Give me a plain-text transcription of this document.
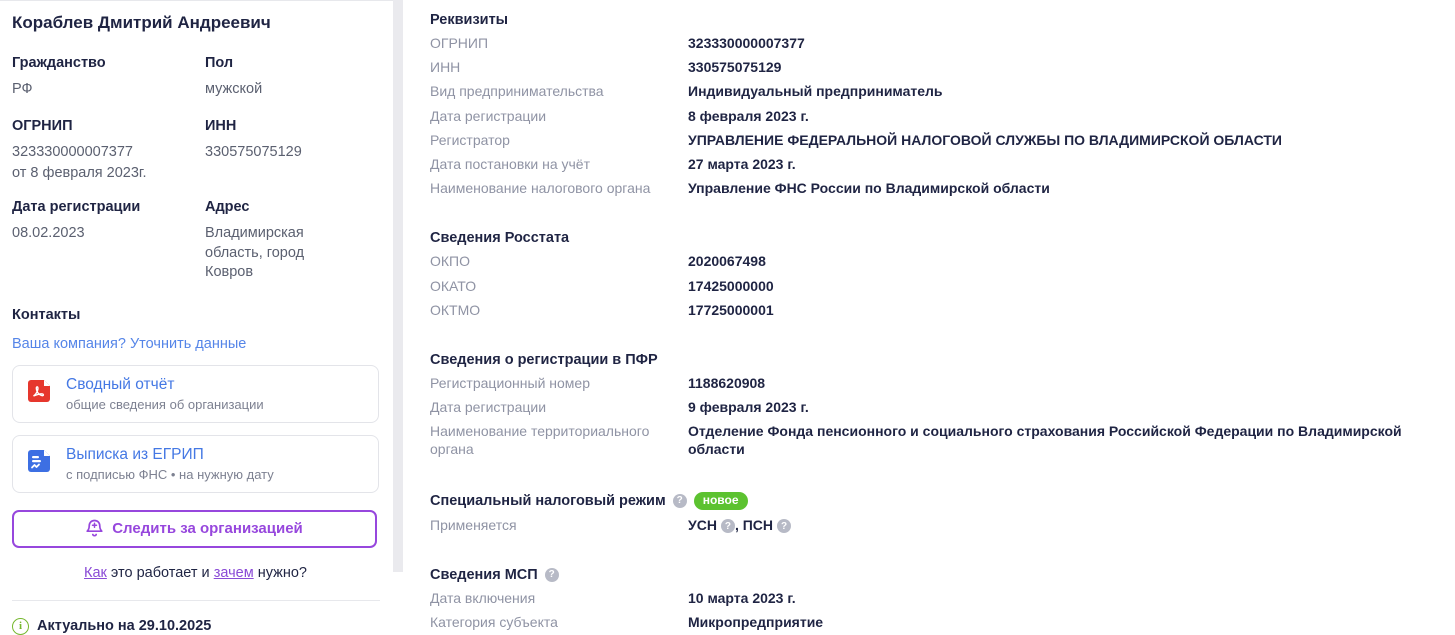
Кораблев Дмитрий Андреевич
Гражданство
РФ
Пол
мужской
ОГРНИП
323330000007377
от 8 февраля 2023г.
ИНН
330575075129
Дата регистрации
08.02.2023
Адрес
Владимирская область, город Ковров
Контакты
Ваша компания? Уточнить данные
Сводный отчёт
общие сведения об организации
Выписка из ЕГРИП
с подписью ФНС • на нужную дату
Следить за организацией
Как это работает и зачем нужно?
i	Актуально на 29.10.2025
Реквизиты
ОГРНИП	323330000007377
ИНН	330575075129
Вид предпринимательства	Индивидуальный предприниматель
Дата регистрации	8 февраля 2023 г.
Регистратор	УПРАВЛЕНИЕ ФЕДЕРАЛЬНОЙ НАЛОГОВОЙ СЛУЖБЫ ПО ВЛАДИМИРСКОЙ ОБЛАСТИ
Дата постановки на учёт	27 марта 2023 г.
Наименование налогового органа	Управление ФНС России по Владимирской области
Сведения Росстата
ОКПО	2020067498
ОКАТО	17425000000
ОКТМО	17725000001
Сведения о регистрации в ПФР
Регистрационный номер	1188620908
Дата регистрации	9 февраля 2023 г.
Наименование территориального органа
Отделение Фонда пенсионного и социального страхования Российской Федерации по Владимирской области
Специальный налоговый режим	?	новое
Применяется	УСН ? , ПСН ?
Сведения МСП	?
Дата включения	10 марта 2023 г.
Категория субъекта	Микропредприятие
